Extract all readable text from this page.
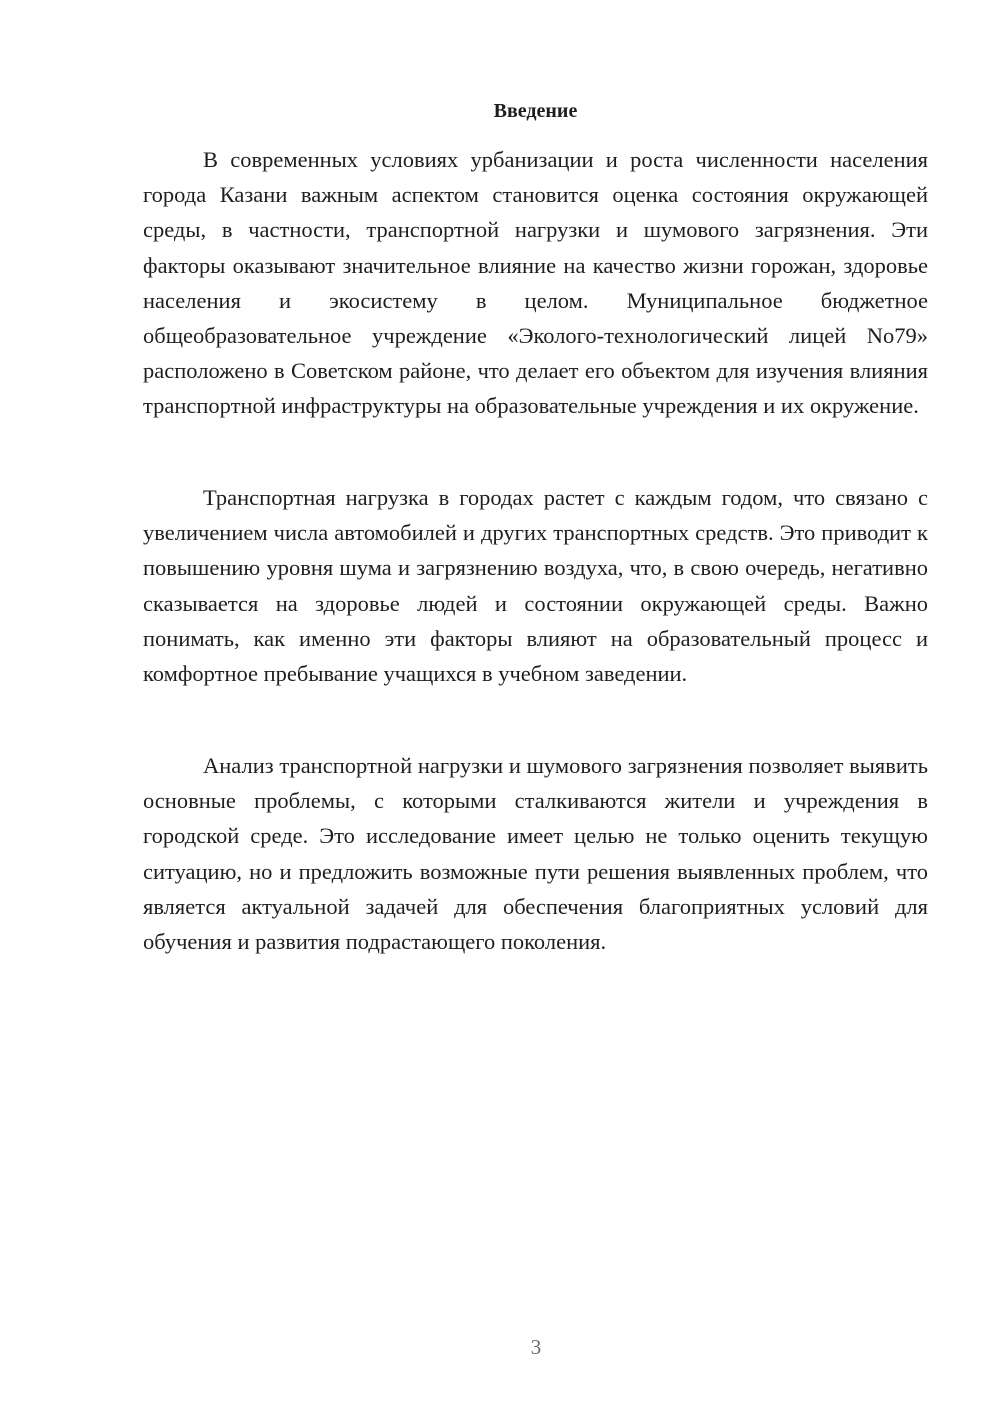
Введение

В современных условиях урбанизации и роста численности населения города Казани важным аспектом становится оценка состояния окружающей среды, в частности, транспортной нагрузки и шумового загрязнения. Эти факторы оказывают значительное влияние на качество жизни горожан, здоровье населения и экосистему в целом. Муниципальное бюджетное общеобразовательное учреждение «Эколого-технологический лицей No79» расположено в Советском районе, что делает его объектом для изучения влияния транспортной инфраструктуры на образовательные учреждения и их окружение.

Транспортная нагрузка в городах растет с каждым годом, что связано с увеличением числа автомобилей и других транспортных средств. Это приводит к повышению уровня шума и загрязнению воздуха, что, в свою очередь, негативно сказывается на здоровье людей и состоянии окружающей среды. Важно понимать, как именно эти факторы влияют на образовательный процесс и комфортное пребывание учащихся в учебном заведении.

Анализ транспортной нагрузки и шумового загрязнения позволяет выявить основные проблемы, с которыми сталкиваются жители и учреждения в городской среде. Это исследование имеет целью не только оценить текущую ситуацию, но и предложить возможные пути решения выявленных проблем, что является актуальной задачей для обеспечения благоприятных условий для обучения и развития подрастающего поколения.

3
